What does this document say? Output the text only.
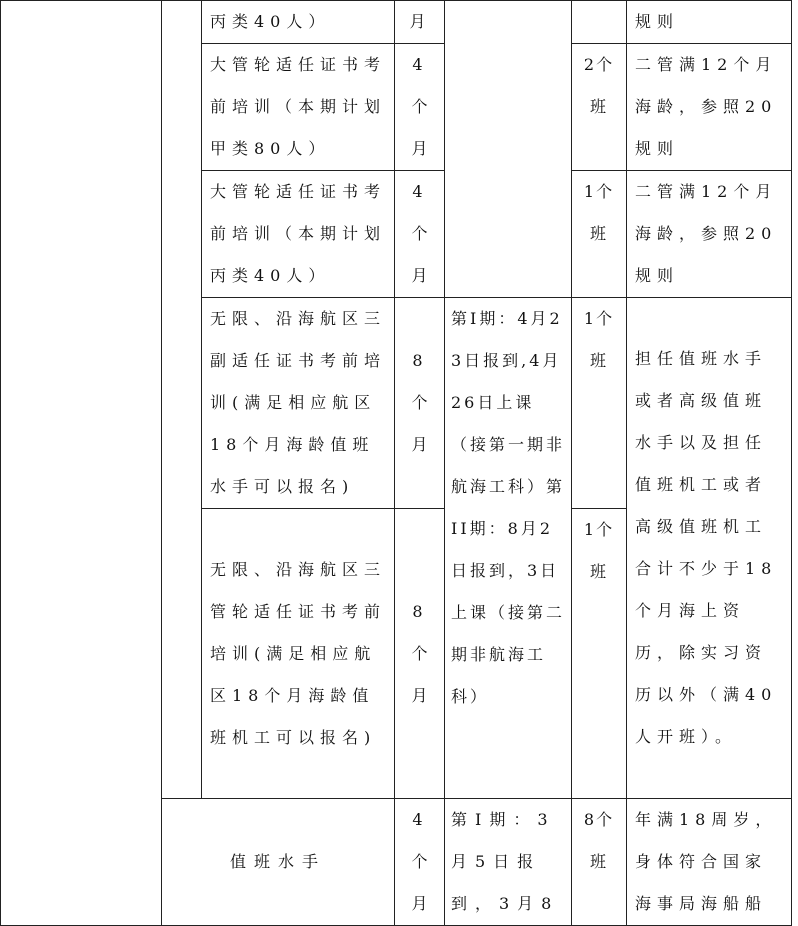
		丙类40人）	月			规则

		大管轮适任证书考前培训（本期计划甲类80人）	4个月		2个班	二管满12个月海龄，参照20规则

		大管轮适任证书考前培训（本期计划丙类40人）	4个月		1个班	二管满12个月海龄，参照20规则

		无限、沿海航区三副适任证书考前培训(满足相应航区18个月海龄值班水手可以报名)	8个月	第I期：4月23日报到,4月26日上课（接第一期非航海工科）第II期：8月2日报到，3日上课（接第二期非航海工科）	1个班	担任值班水手或者高级值班水手以及担任值班机工或者高级值班机工合计不少于18个月海上资历，除实习资历以外（满40人开班）。

		无限、沿海航区三管轮适任证书考前培训(满足相应航区18个月海龄值班机工可以报名)	8个月		1个班	

	值班水手		4个月	第I期：3月5日报到，3月8	8个班	年满18周岁，身体符合国家海事局海船船
